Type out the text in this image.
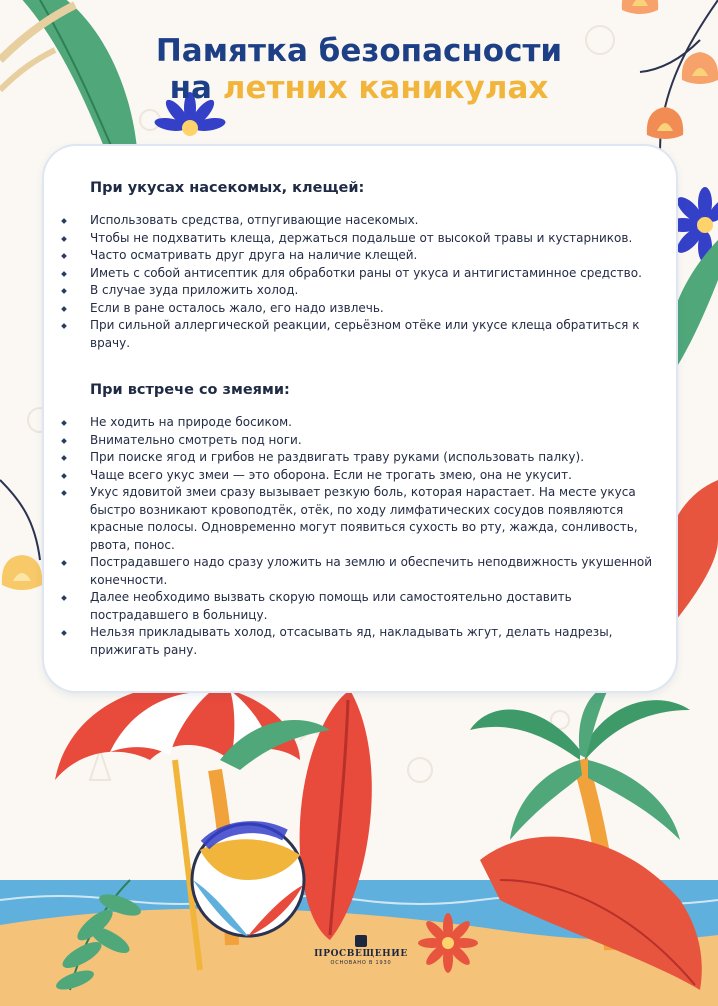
Памятка безопасности
на летних каникулах
При укусах насекомых, клещей:
Использовать средства, отпугивающие насекомых.
Чтобы не подхватить клеща, держаться подальше от высокой травы и кустарников.
Часто осматривать друг друга на наличие клещей.
Иметь с собой антисептик для обработки раны от укуса и антигистаминное средство.
В случае зуда приложить холод.
Если в ране осталось жало, его надо извлечь.
При сильной аллергической реакции, серьёзном отёке или укусе клеща обратиться к врачу.
При встрече со змеями:
Не ходить на природе босиком.
Внимательно смотреть под ноги.
При поиске ягод и грибов не раздвигать траву руками (использовать палку).
Чаще всего укус змеи — это оборона. Если не трогать змею, она не укусит.
Укус ядовитой змеи сразу вызывает резкую боль, которая нарастает. На месте укуса быстро возникают кровоподтёк, отёк, по ходу лимфатических сосудов появляются красные полосы. Одновременно могут появиться сухость во рту, жажда, сонливость, рвота, понос.
Пострадавшего надо сразу уложить на землю и обеспечить неподвижность укушенной конечности.
Далее необходимо вызвать скорую помощь или самостоятельно доставить пострадавшего в больницу.
Нельзя прикладывать холод, отсасывать яд, накладывать жгут, делать надрезы, прижигать рану.
ПРОСВЕЩЕНИЕ
ОСНОВАНО В 1930
